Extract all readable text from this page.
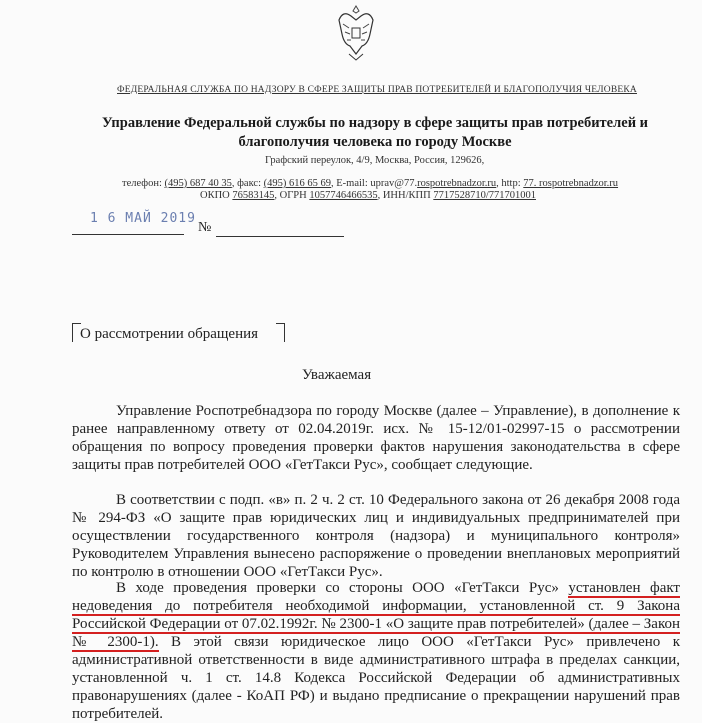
ФЕДЕРАЛЬНАЯ СЛУЖБА ПО НАДЗОРУ В СФЕРЕ ЗАЩИТЫ ПРАВ ПОТРЕБИТЕЛЕЙ И БЛАГОПОЛУЧИЯ ЧЕЛОВЕКА
Управление Федеральной службы по надзору в сфере защиты прав потребителей и
благополучия человека по городу Москве
Графский переулок, 4/9, Москва, Россия, 129626,
телефон: (495) 687 40 35, факс: (495) 616 65 69, E-mail: uprav@77.rospotrebnadzor.ru, http: 77. rospotrebnadzor.ru
ОКПО 76583145, ОГРН 1057746466535, ИНН/КПП 7717528710/771701001
1 6 МАЙ 2019
№
О рассмотрении обращения
Уважаемая
Управление Роспотребнадзора по городу Москве (далее – Управление), в дополнение к ранее направленному ответу от 02.04.2019г. исх. № 15-12/01-02997-15 о рассмотрении обращения по вопросу проведения проверки фактов нарушения законодательства в сфере защиты прав потребителей ООО «ГетТакси Рус», сообщает следующие.
В соответствии с подп. «в» п. 2 ч. 2 ст. 10 Федерального закона от 26 декабря 2008 года № 294-ФЗ «О защите прав юридических лиц и индивидуальных предпринимателей при осуществлении государственного контроля (надзора) и муниципального контроля» Руководителем Управления вынесено распоряжение о проведении внеплановых мероприятий по контролю в отношении ООО «ГетТакси Рус».
В ходе проведения проверки со стороны ООО «ГетТакси Рус» установлен факт недоведения до потребителя необходимой информации, установленной ст. 9 Закона Российской Федерации от 07.02.1992г. № 2300-1 «О защите прав потребителей» (далее – Закон № 2300-1). В этой связи юридическое лицо ООО «ГетТакси Рус» привлечено к административной ответственности в виде административного штрафа в пределах санкции, установленной ч. 1 ст. 14.8 Кодекса Российской Федерации об административных правонарушениях (далее - КоАП РФ) и выдано предписание о прекращении нарушений прав потребителей.
